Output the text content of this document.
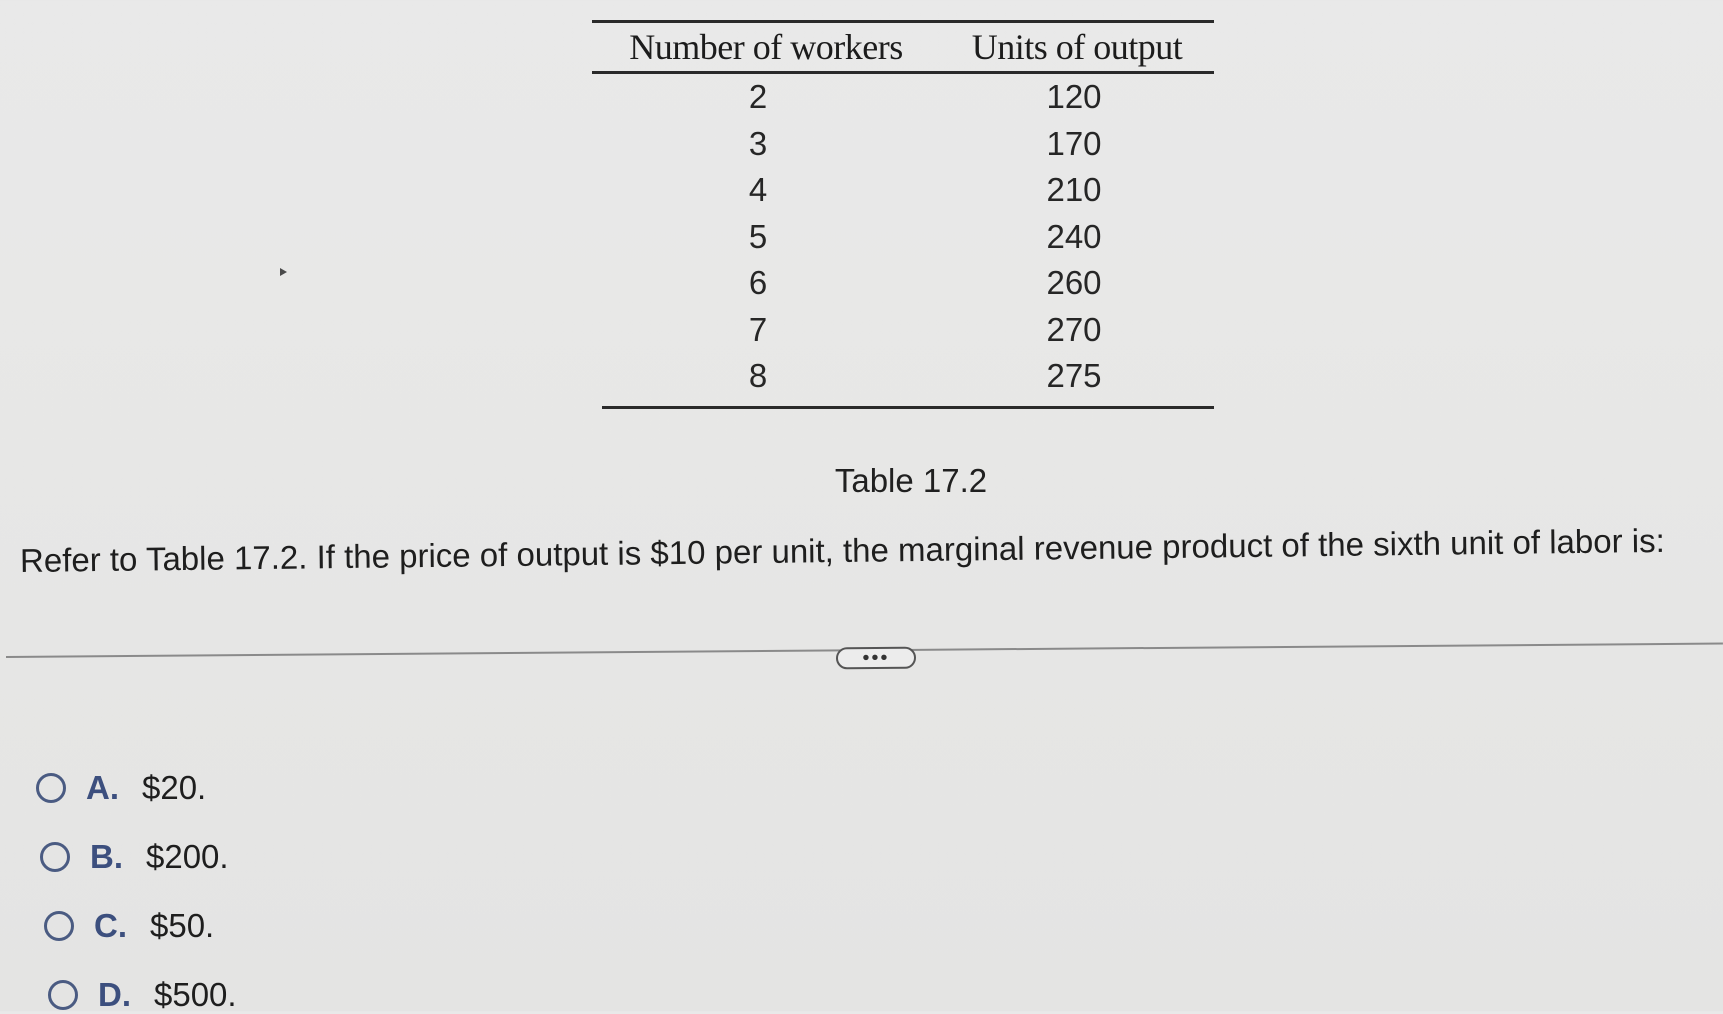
Number of workers	Units of output
2	120
3	170
4	210
5	240
6	260
7	270
8	275
Table 17.2
Refer to Table 17.2. If the price of output is $10 per unit, the marginal revenue product of the sixth unit of labor is:
•••
A. $20.
B. $200.
C. $50.
D. $500.
